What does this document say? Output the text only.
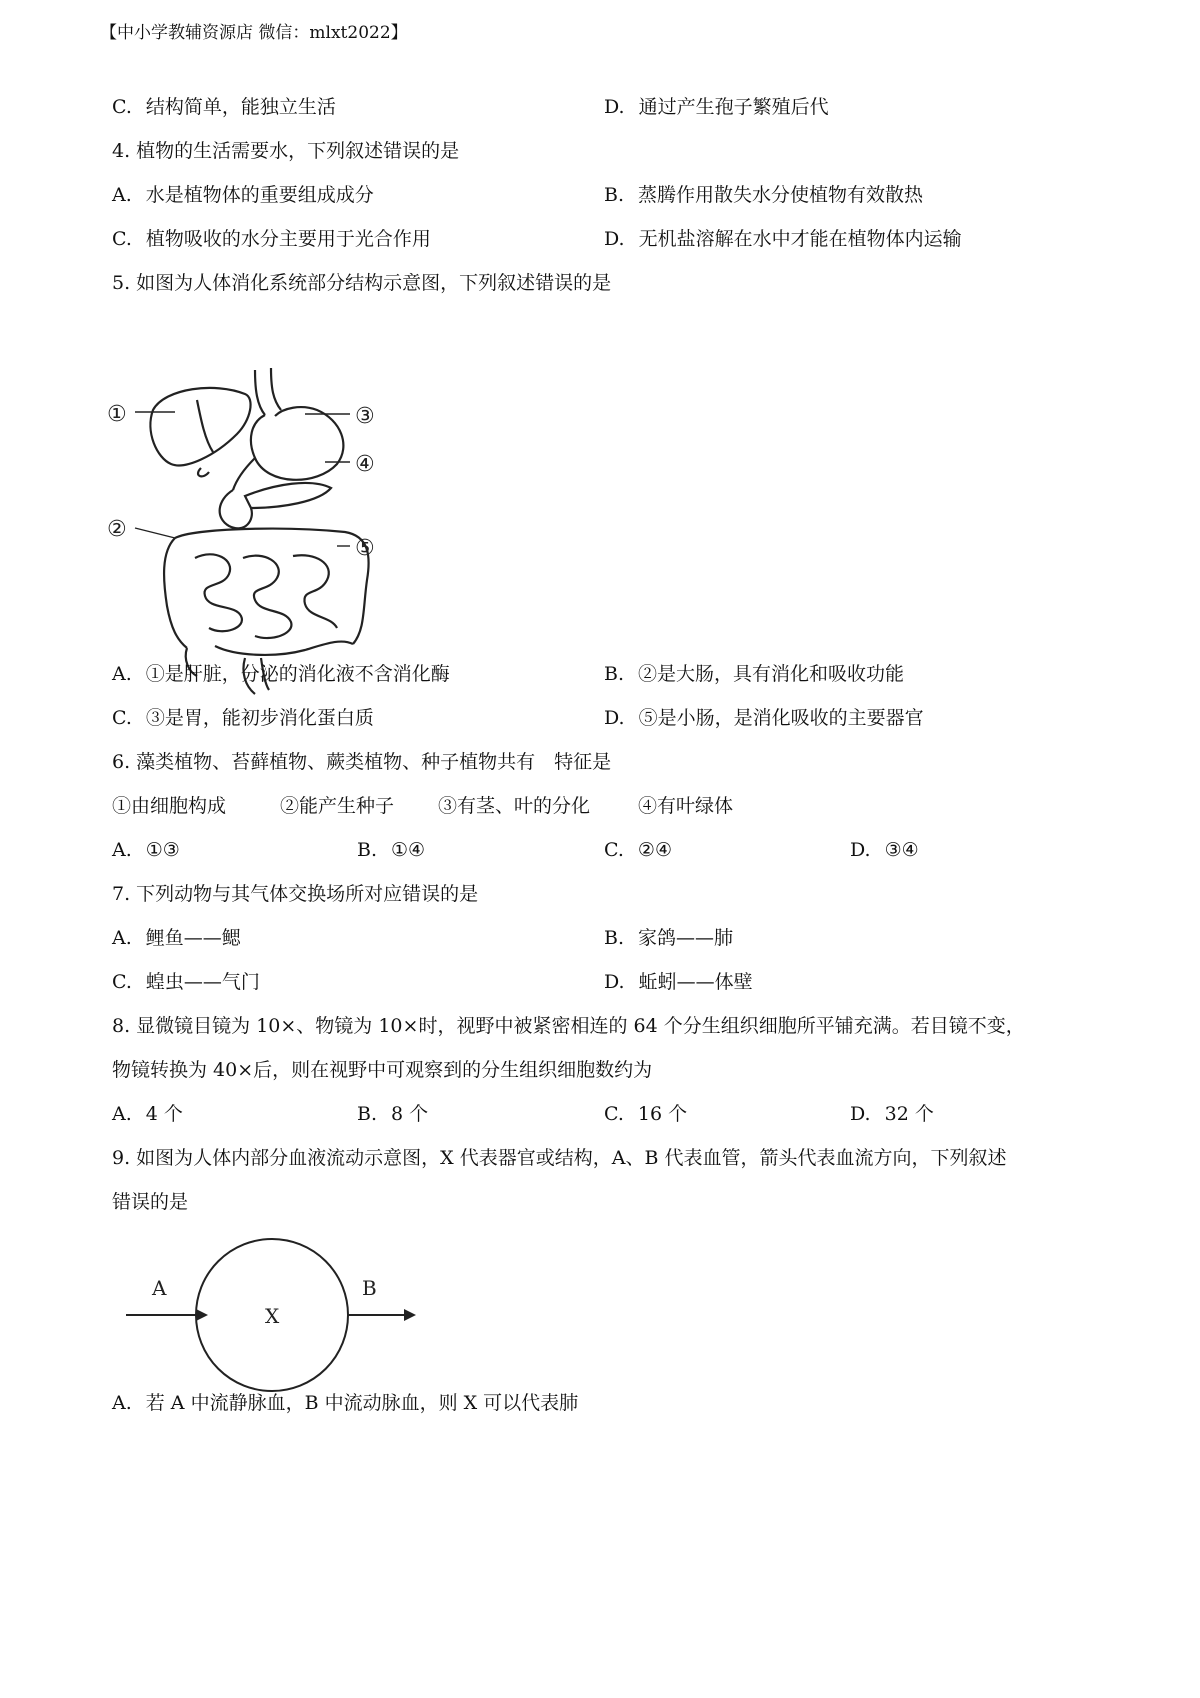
【中小学教辅资源店 微信：mlxt2022】
C. 结构简单，能独立生活	D. 通过产生孢子繁殖后代
4. 植物的生活需要水，下列叙述错误的是
A. 水是植物体的重要组成成分	B. 蒸腾作用散失水分使植物有效散热
C. 植物吸收的水分主要用于光合作用	D. 无机盐溶解在水中才能在植物体内运输
5. 如图为人体消化系统部分结构示意图，下列叙述错误的是
①
②
③
④
⑤
A. ①是肝脏，分泌的消化液不含消化酶	B. ②是大肠，具有消化和吸收功能
C. ③是胃，能初步消化蛋白质	D. ⑤是小肠，是消化吸收的主要器官
6. 藻类植物、苔藓植物、蕨类植物、种子植物共有　特征是
①由细胞构成	②能产生种子 ③有茎、叶的分化	④有叶绿体
A. ①③	B. ①④	C. ②④	D. ③④
7. 下列动物与其气体交换场所对应错误的是
A. 鲤鱼——鳃	B. 家鸽——肺
C. 蝗虫——气门	D. 蚯蚓——体壁
8. 显微镜目镜为 10×、物镜为 10×时，视野中被紧密相连的 64 个分生组织细胞所平铺充满。若目镜不变，
物镜转换为 40×后，则在视野中可观察到的分生组织细胞数约为
A. 4 个	B. 8 个	C. 16 个	D. 32 个
9. 如图为人体内部分血液流动示意图，X 代表器官或结构，A、B 代表血管，箭头代表血流方向，下列叙述
错误的是
A
X
B
A. 若 A 中流静脉血，B 中流动脉血，则 X 可以代表肺
